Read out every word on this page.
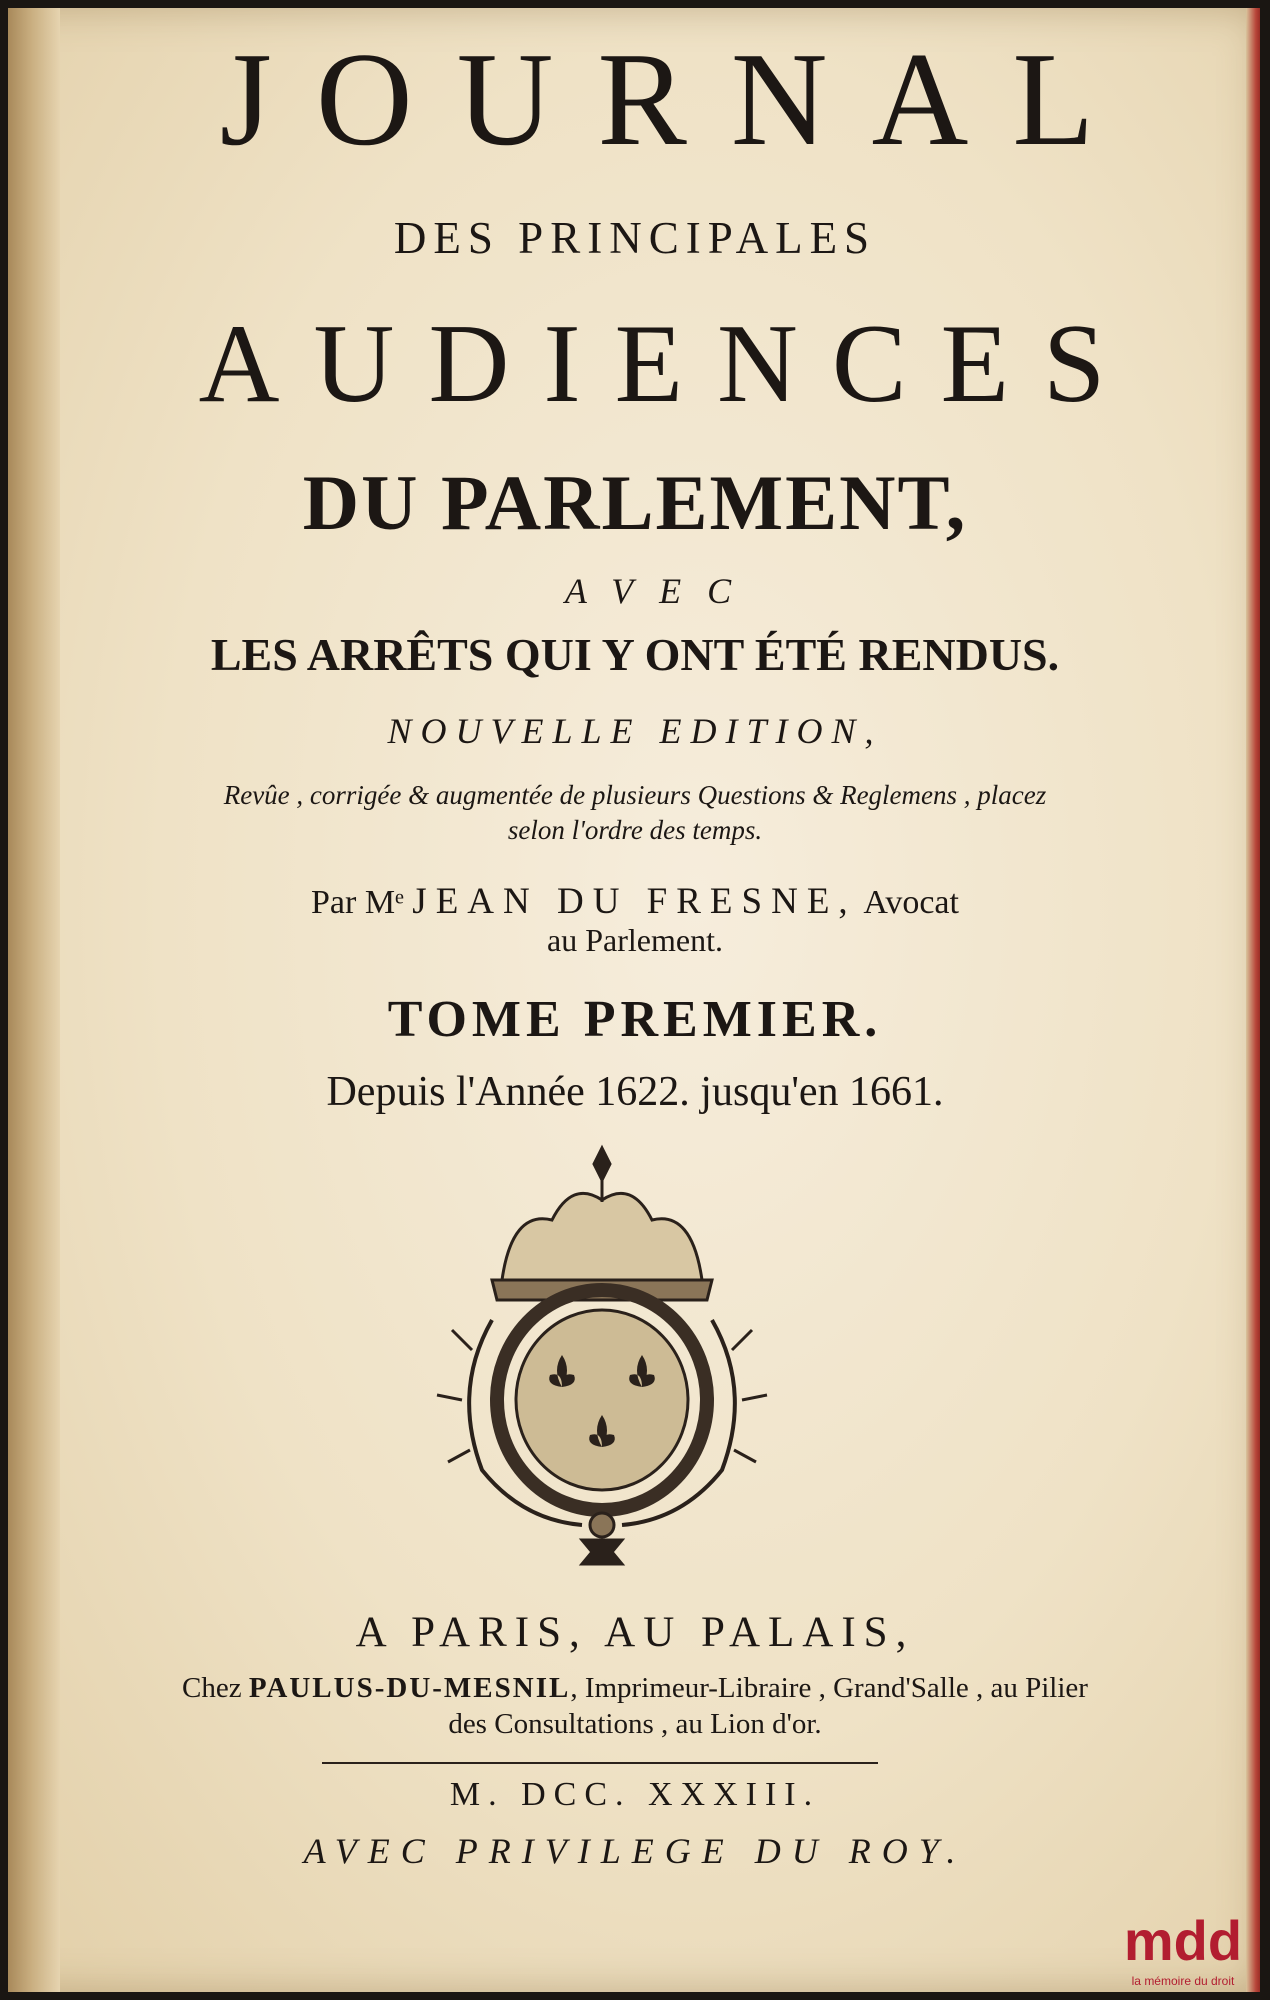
JOURNAL
DES PRINCIPALES
AUDIENCES
DU PARLEMENT,
AVEC
LES ARRÊTS QUI Y ONT ÉTÉ RENDUS.
NOUVELLE EDITION,
Revûe , corrigée & augmentée de plusieurs Questions & Reglemens , placez
selon l'ordre des temps.
Par Mᵉ JEAN DU FRESNE, Avocat
au Parlement.
TOME PREMIER.
Depuis l'Année 1622. jusqu'en 1661.
A PARIS, AU PALAIS,
Chez PAULUS-DU-MESNIL, Imprimeur-Libraire , Grand'Salle , au Pilier
des Consultations , au Lion d'or.
M. DCC. XXXIII.
AVEC PRIVILEGE DU ROY.
mdd
la mémoire du droit
